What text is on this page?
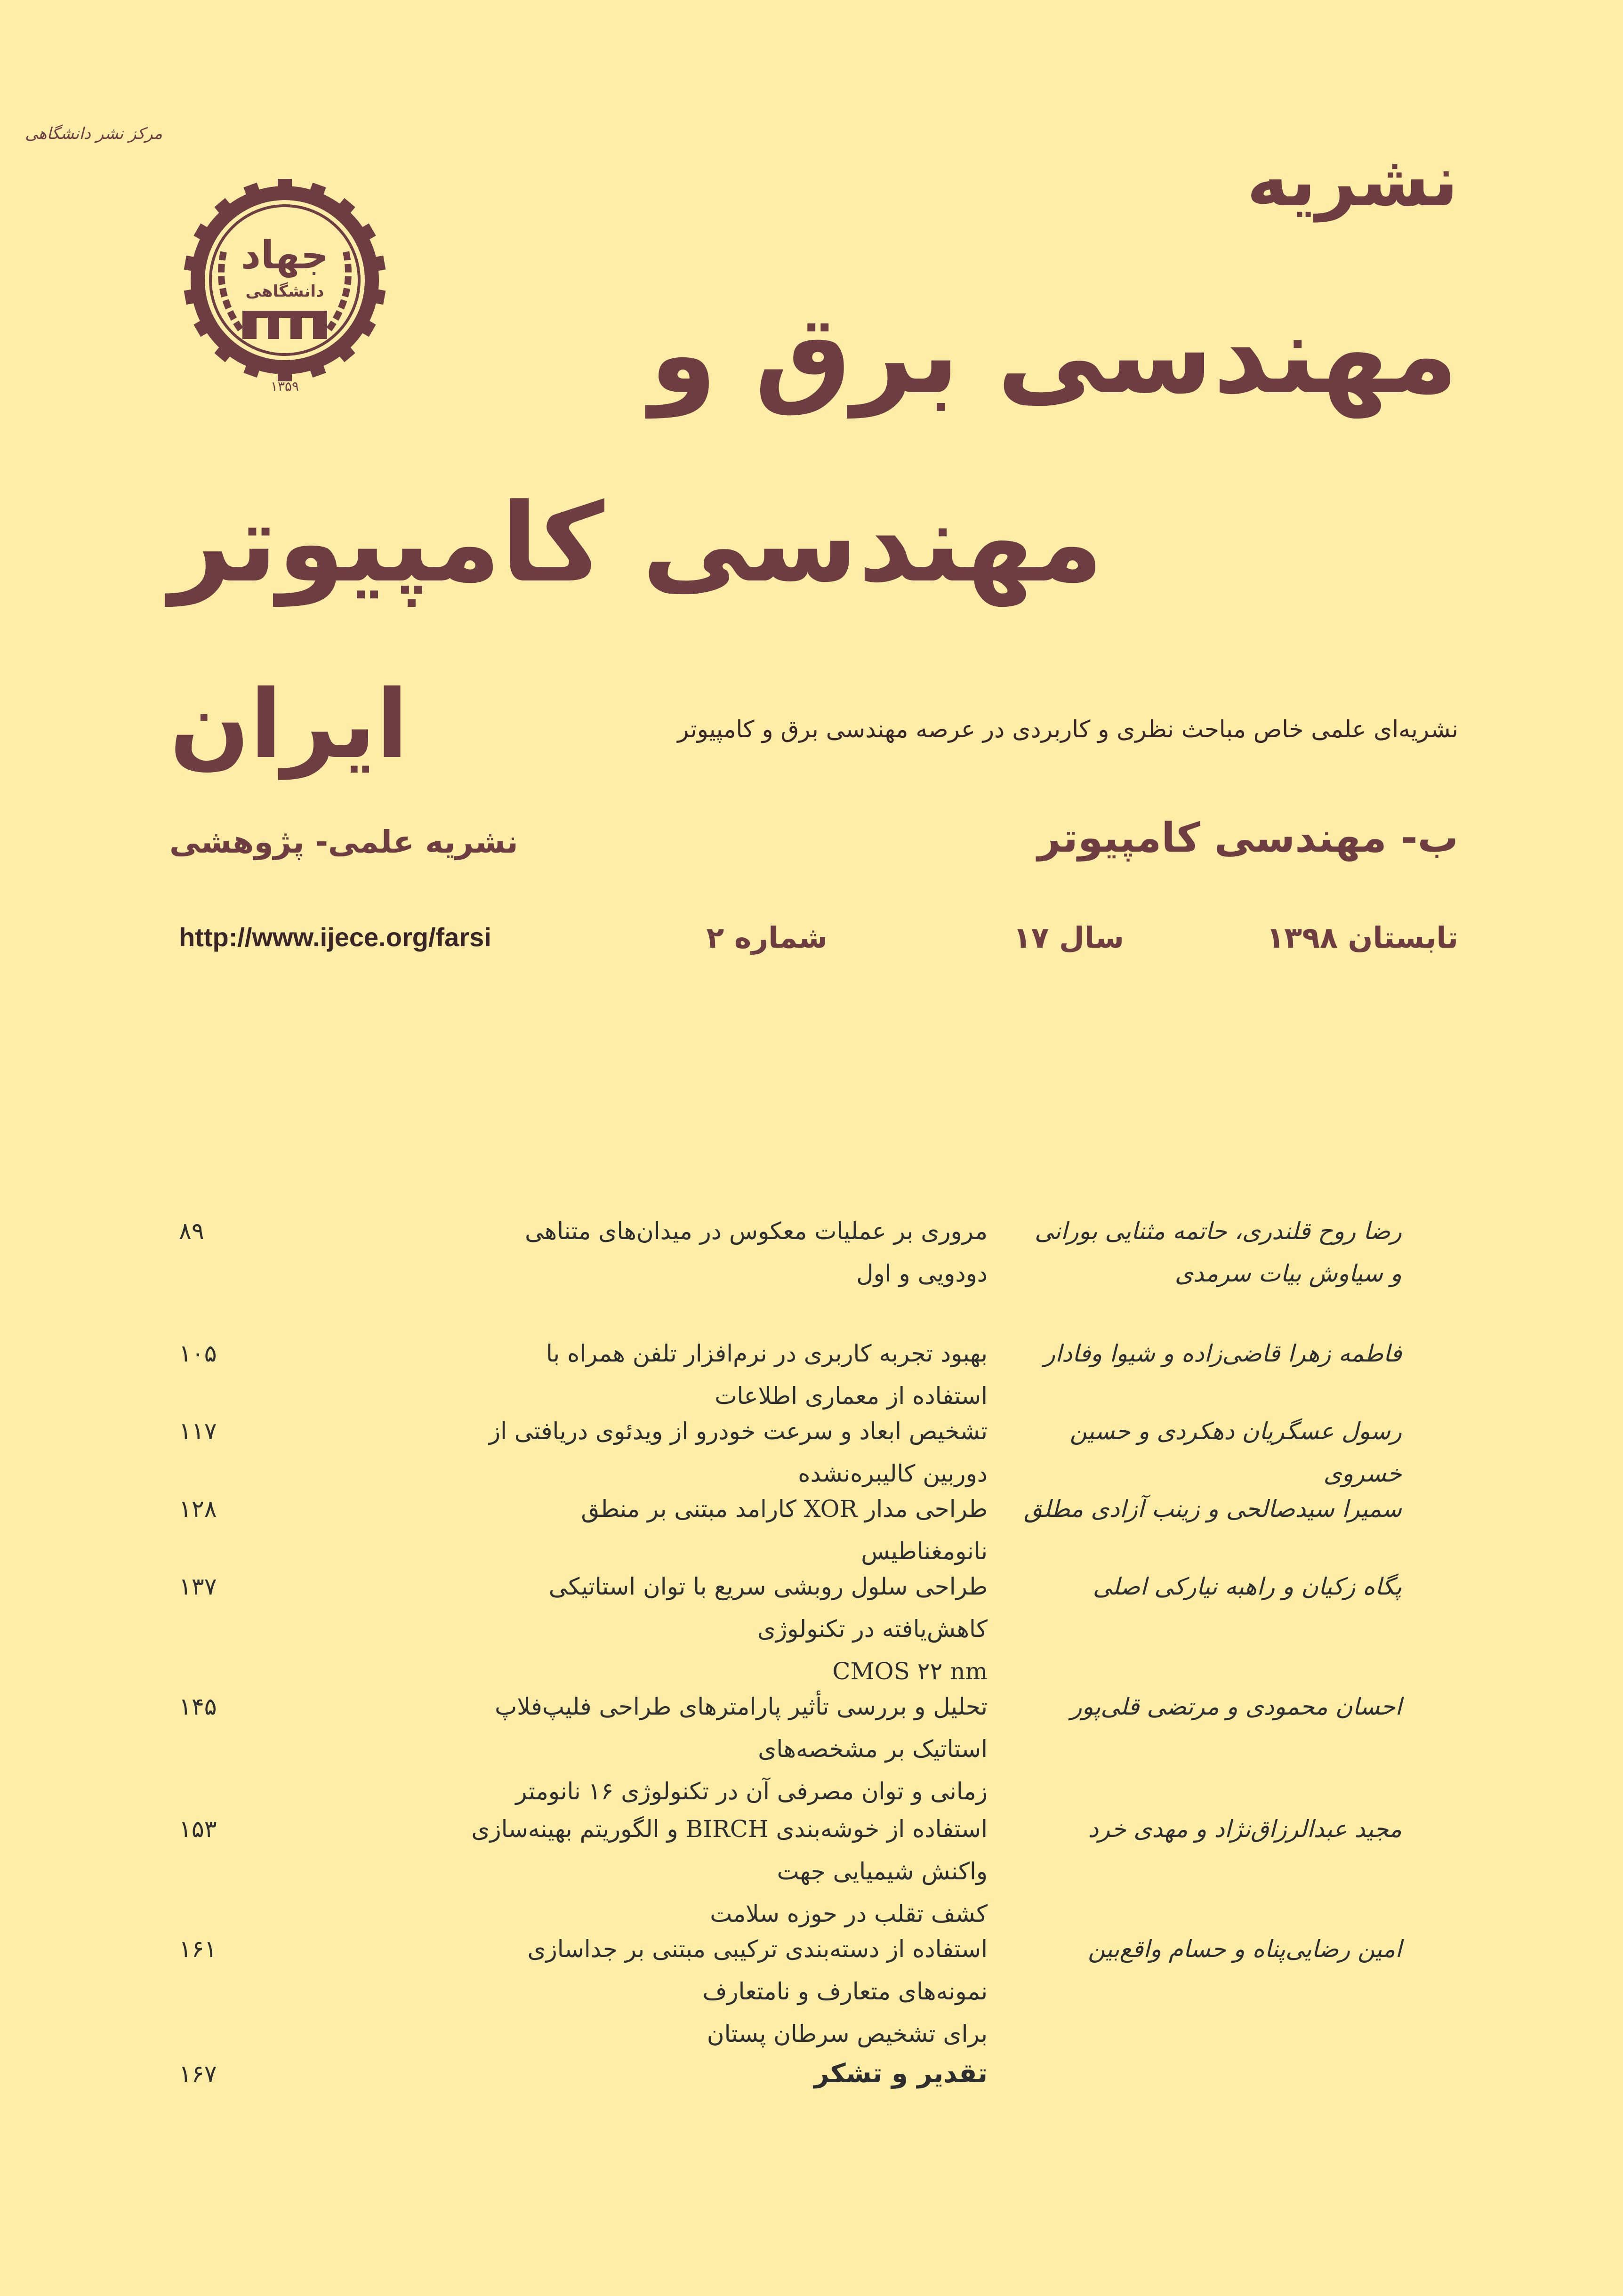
مرکز نشر دانشگاهی
جهاد
دانشگاهی
۱۳۵۹
نشریه
مهندسی برق و
مهندسی کامپیوتر
ایران	نشریه‌ای علمی خاص مباحث نظری و کاربردی در عرصه مهندسی برق و کامپیوتر
ب- مهندسی کامپیوتر
نشریه علمی- پژوهشی
تابستان ۱۳۹۸
سال ۱۷
شماره ۲
http://www.ijece.org/farsi
مروری بر عملیات معکوس در میدان‌های متناهی دودویی و اول
رضا روح قلندری، حاتمه مثنایی بورانی
و سیاوش بیات سرمدی
۸۹
بهبود تجربه کاربری در نرم‌افزار تلفن همراه با استفاده از معماری اطلاعات
فاطمه زهرا قاضی‌زاده و شیوا وفادار
۱۰۵
تشخیص ابعاد و سرعت خودرو از ویدئوی دریافتی از دوربین کالیبره‌نشده
رسول عسگریان دهکردی و حسین خسروی
۱۱۷
طراحی مدار XOR کارامد مبتنی بر منطق نانومغناطیس
سمیرا سیدصالحی و زینب آزادی مطلق
۱۲۸
طراحی سلول روبشی سریع با توان استاتیکی کاهش‌یافته در تکنولوژی
CMOS ۲۲ nm
پگاه زکیان و راهبه نیارکی اصلی
۱۳۷
تحلیل و بررسی تأثیر پارامترهای طراحی فلیپ‌فلاپ استاتیک بر مشخصه‌های
زمانی و توان مصرفی آن در تکنولوژی ۱۶ نانومتر
احسان محمودی و مرتضی قلی‌پور
۱۴۵
استفاده از خوشه‌بندی BIRCH و الگوریتم بهینه‌سازی واکنش شیمیایی جهت
کشف تقلب در حوزه سلامت
مجید عبدالرزاق‌نژاد و مهدی خرد
۱۵۳
استفاده از دسته‌بندی ترکیبی مبتنی بر جداسازی نمونه‌های متعارف و نامتعارف
برای تشخیص سرطان پستان
امین رضایی‌پناه و حسام واقع‌بین
۱۶۱
تقدیر و تشکر
۱۶۷
